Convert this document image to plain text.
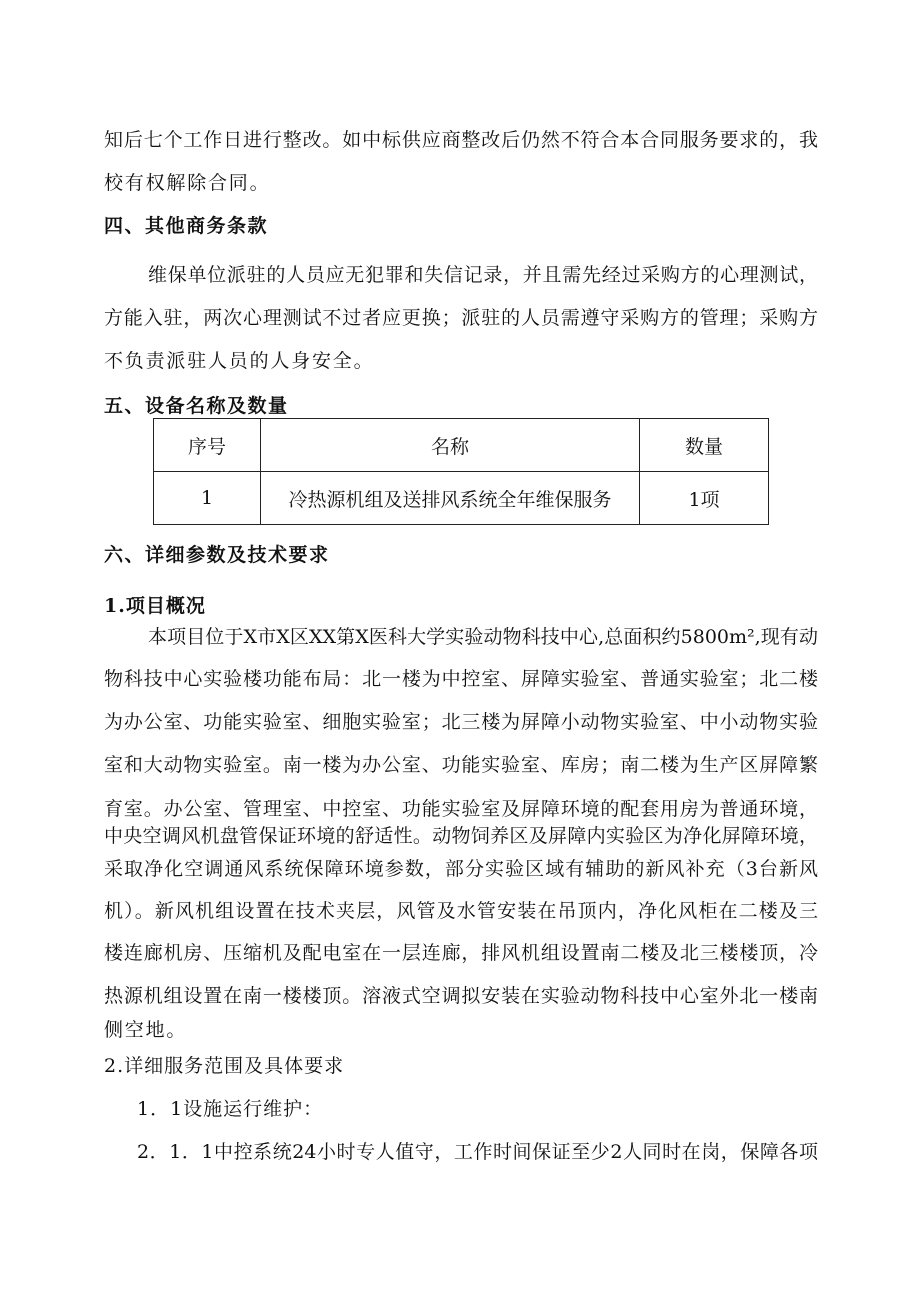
知后七个工作日进行整改。如中标供应商整改后仍然不符合本合同服务要求的，我
校有权解除合同。
四、其他商务条款
维保单位派驻的人员应无犯罪和失信记录，并且需先经过采购方的心理测试，
方能入驻，两次心理测试不过者应更换；派驻的人员需遵守采购方的管理；采购方
不负责派驻人员的人身安全。
五、设备名称及数量
序号	名称	数量
1	冷热源机组及送排风系统全年维保服务	1项
六、详细参数及技术要求
1.项目概况
本项目位于X市X区XX第X医科大学实验动物科技中心,总面积约5800m²,现有动
物科技中心实验楼功能布局：北一楼为中控室、屏障实验室、普通实验室；北二楼
为办公室、功能实验室、细胞实验室；北三楼为屏障小动物实验室、中小动物实验
室和大动物实验室。南一楼为办公室、功能实验室、库房；南二楼为生产区屏障繁
育室。办公室、管理室、中控室、功能实验室及屏障环境的配套用房为普通环境，
中央空调风机盘管保证环境的舒适性。动物饲养区及屏障内实验区为净化屏障环境，
采取净化空调通风系统保障环境参数，部分实验区域有辅助的新风补充（3台新风
机）。新风机组设置在技术夹层，风管及水管安装在吊顶内，净化风柜在二楼及三
楼连廊机房、压缩机及配电室在一层连廊，排风机组设置南二楼及北三楼楼顶，冷
热源机组设置在南一楼楼顶。溶液式空调拟安装在实验动物科技中心室外北一楼南
侧空地。
2.详细服务范围及具体要求
1．1设施运行维护：
2．1．1中控系统24小时专人值守，工作时间保证至少2人同时在岗，保障各项
